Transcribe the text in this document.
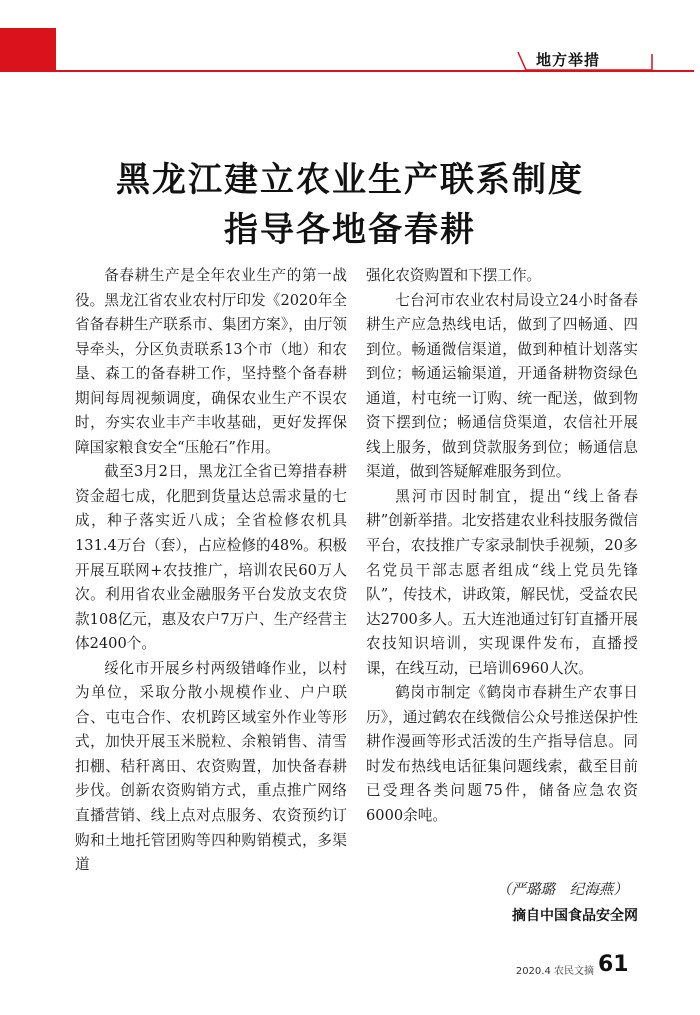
地方举措
黑龙江建立农业生产联系制度
指导各地备春耕

备春耕生产是全年农业生产的第一战役。黑龙江省农业农村厅印发《2020年全省备春耕生产联系市、集团方案》，由厅领导牵头，分区负责联系13个市（地）和农垦、森工的备春耕工作，坚持整个备春耕期间每周视频调度，确保农业生产不误农时，夯实农业丰产丰收基础，更好发挥保障国家粮食安全“压舱石”作用。

截至3月2日，黑龙江全省已筹措春耕资金超七成，化肥到货量达总需求量的七成，种子落实近八成；全省检修农机具131.4万台（套），占应检修的48%。积极开展互联网+农技推广，培训农民60万人次。利用省农业金融服务平台发放支农贷款108亿元，惠及农户7万户、生产经营主体2400个。

绥化市开展乡村两级错峰作业，以村为单位，采取分散小规模作业、户户联合、屯屯合作、农机跨区域室外作业等形式，加快开展玉米脱粒、余粮销售、清雪扣棚、秸秆离田、农资购置，加快备春耕步伐。创新农资购销方式，重点推广网络直播营销、线上点对点服务、农资预约订购和土地托管团购等四种购销模式，多渠道

强化农资购置和下摆工作。

七台河市农业农村局设立24小时备春耕生产应急热线电话，做到了四畅通、四到位。畅通微信渠道，做到种植计划落实到位；畅通运输渠道，开通备耕物资绿色通道，村屯统一订购、统一配送，做到物资下摆到位；畅通信贷渠道，农信社开展线上服务，做到贷款服务到位；畅通信息渠道，做到答疑解难服务到位。

黑河市因时制宜，提出“线上备春耕”创新举措。北安搭建农业科技服务微信平台，农技推广专家录制快手视频，20多名党员干部志愿者组成“线上党员先锋队”，传技术，讲政策，解民忧，受益农民达2700多人。五大连池通过钉钉直播开展农技知识培训，实现课件发布，直播授课，在线互动，已培训6960人次。

鹤岗市制定《鹤岗市春耕生产农事日历》，通过鹤农在线微信公众号推送保护性耕作漫画等形式活泼的生产指导信息。同时发布热线电话征集问题线索，截至目前已受理各类问题75件，储备应急农资6000余吨。

（严璐璐　纪海燕）
摘自中国食品安全网
2020.4 农民文摘 61
